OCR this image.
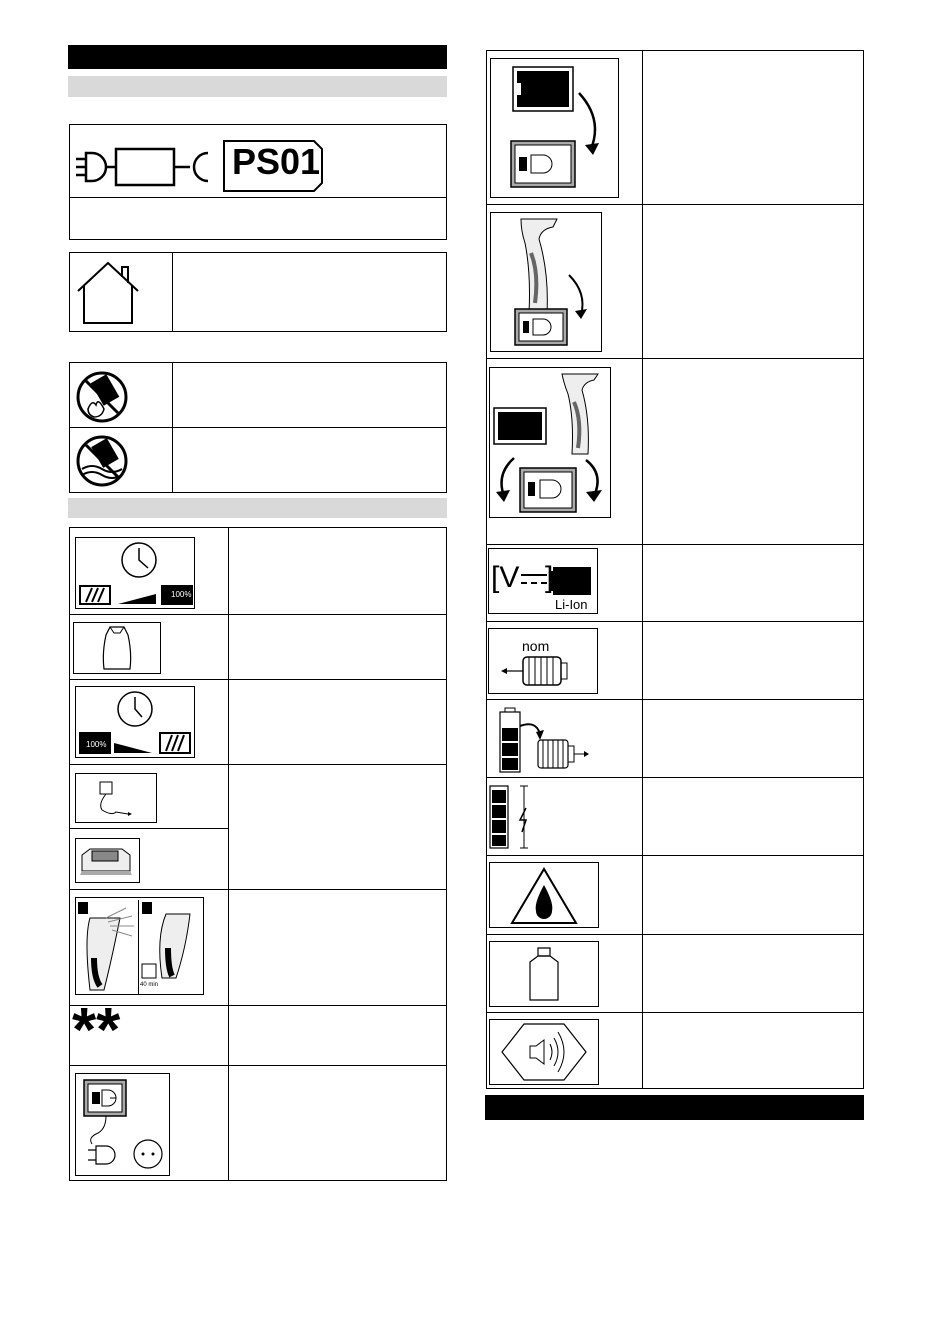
PS01
100%
100%
40 min
**
[V ]
Li-Ion
nom
